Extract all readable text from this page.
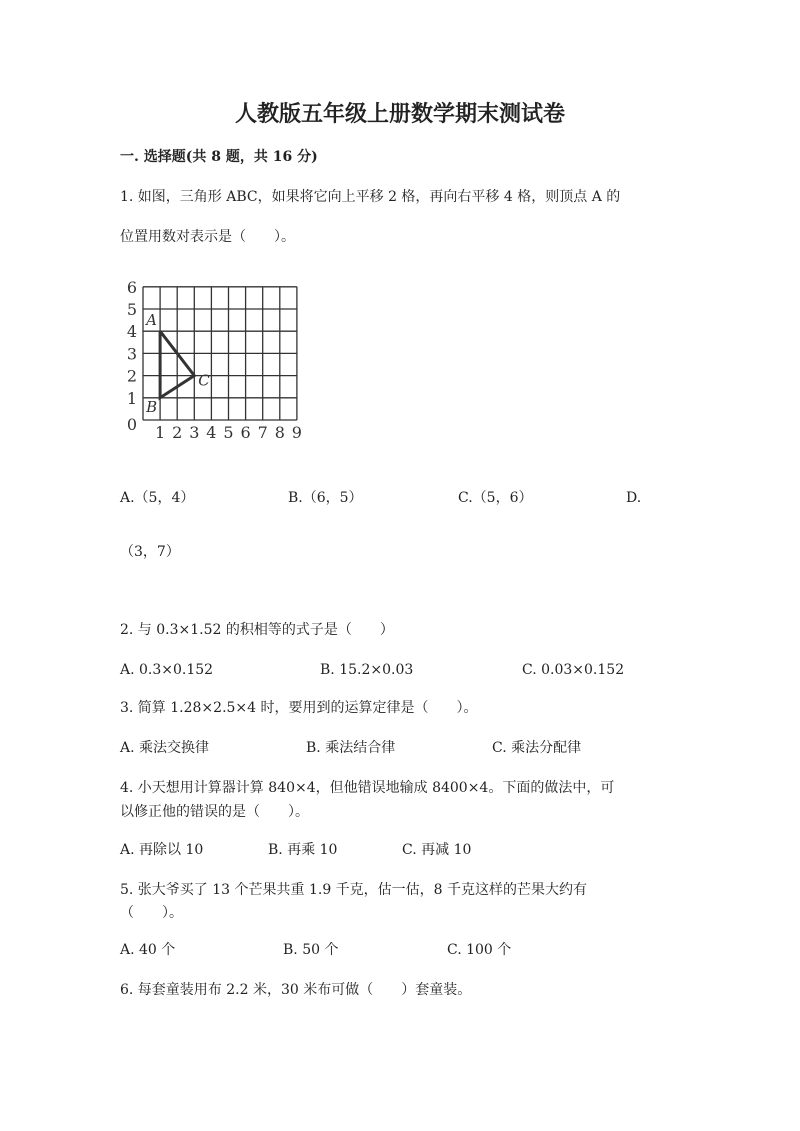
人教版五年级上册数学期末测试卷
一. 选择题(共 8 题，共 16 分)
1. 如图，三角形 ABC，如果将它向上平移 2 格，再向右平移 4 格，则顶点 A 的
位置用数对表示是（　　）。
1 2 3 4 5 6 7 8 9
0
1
2
3
4
5
6
A
B
C
A.（5，4）	B.（6，5）	C.（5，6）	D.
（3，7）
2. 与 0.3×1.52 的积相等的式子是（　　）
A. 0.3×0.152	B. 15.2×0.03	C. 0.03×0.152
3. 简算 1.28×2.5×4 时，要用到的运算定律是（　　）。
A. 乘法交换律	B. 乘法结合律	C. 乘法分配律
4. 小天想用计算器计算 840×4，但他错误地输成 8400×4。下面的做法中，可
以修正他的错误的是（　　）。
A. 再除以 10	B. 再乘 10	C. 再减 10
5. 张大爷买了 13 个芒果共重 1.9 千克，估一估，8 千克这样的芒果大约有
（　　）。
A. 40 个	B. 50 个	C. 100 个
6. 每套童装用布 2.2 米，30 米布可做（　　）套童装。
